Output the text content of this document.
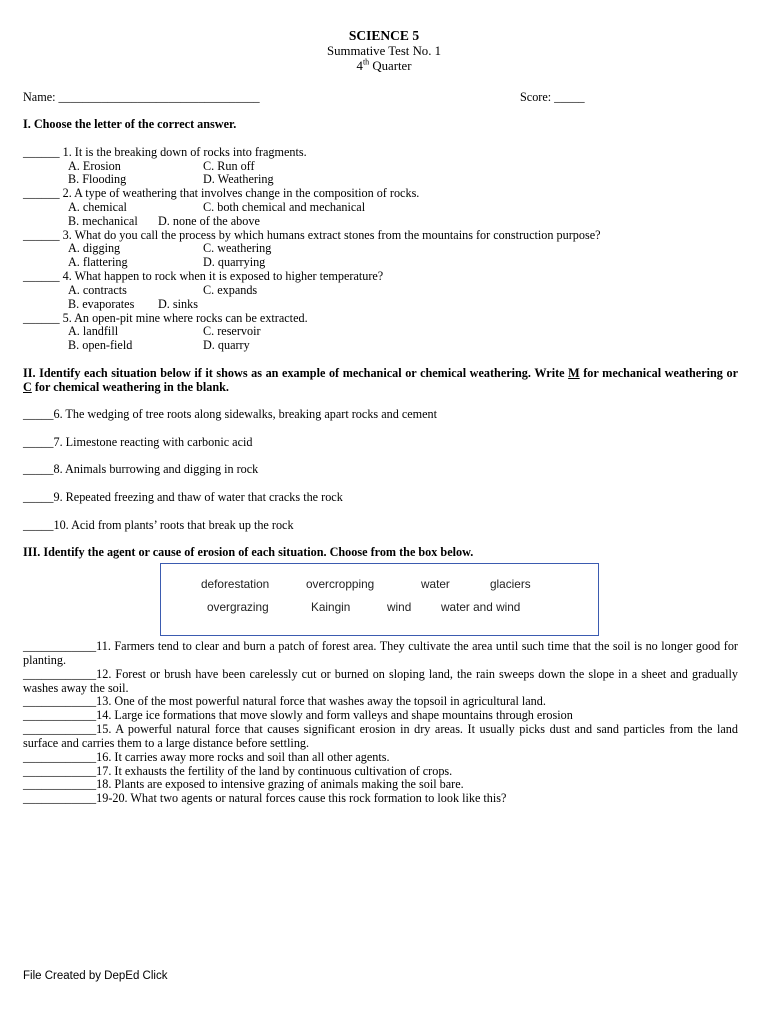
SCIENCE 5
Summative Test No. 1
4th Quarter
Name: _________________________________	Score: _____
I. Choose the letter of the correct answer.
______ 1. It is the breaking down of rocks into fragments.
A. Erosion	C. Run off
B. Flooding	D. Weathering
______ 2. A type of weathering that involves change in the composition of rocks.
A. chemical	C. both chemical and mechanical
B. mechanical D. none of the above
______ 3. What do you call the process by which humans extract stones from the mountains for construction purpose?
A. digging	C. weathering
A. flattering	D. quarrying
______ 4. What happen to rock when it is exposed to higher temperature?
A. contracts	C. expands
B. evaporates D. sinks
______ 5. An open-pit mine where rocks can be extracted.
A. landfill	C. reservoir
B. open-field	D. quarry
II. Identify each situation below if it shows as an example of mechanical or chemical weathering. Write M for mechanical weathering or C for chemical weathering in the blank.
_____6. The wedging of tree roots along sidewalks, breaking apart rocks and cement
_____7. Limestone reacting with carbonic acid
_____8. Animals burrowing and digging in rock
_____9. Repeated freezing and thaw of water that cracks the rock
_____10. Acid from plants’ roots that break up the rock
III. Identify the agent or cause of erosion of each situation. Choose from the box below.
deforestation	overcropping	water	glaciers
overgrazing	Kaingin	wind	water and wind
____________11. Farmers tend to clear and burn a patch of forest area. They cultivate the area until such time that the soil is no longer good for planting.
____________12. Forest or brush have been carelessly cut or burned on sloping land, the rain sweeps down the slope in a sheet and gradually washes away the soil.
____________13. One of the most powerful natural force that washes away the topsoil in agricultural land.
____________14. Large ice formations that move slowly and form valleys and shape mountains through erosion
____________15. A powerful natural force that causes significant erosion in dry areas. It usually picks dust and sand particles from the land surface and carries them to a large distance before settling.
____________16. It carries away more rocks and soil than all other agents.
____________17. It exhausts the fertility of the land by continuous cultivation of crops.
____________18. Plants are exposed to intensive grazing of animals making the soil bare.
____________19-20. What two agents or natural forces cause this rock formation to look like this?
File Created by DepEd Click
